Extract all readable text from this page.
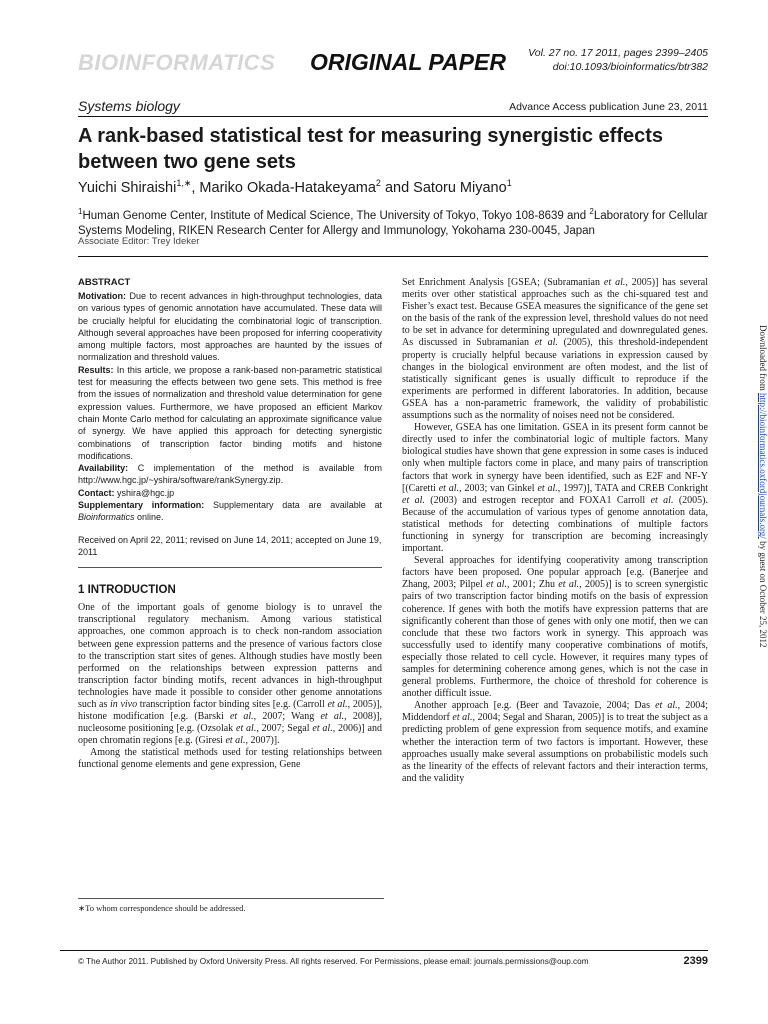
BIOINFORMATICS ORIGINAL PAPER Vol. 27 no. 17 2011, pages 2399–2405
doi:10.1093/bioinformatics/btr382
Systems biology	Advance Access publication June 23, 2011
A rank-based statistical test for measuring synergistic effects between two gene sets
Yuichi Shiraishi$^{1,∗}$, Mariko Okada-Hatakeyama$^2$ and Satoru Miyano$^1$
$^1$Human Genome Center, Institute of Medical Science, The University of Tokyo, Tokyo 108-8639 and $^2$Laboratory for Cellular Systems Modeling, RIKEN Research Center for Allergy and Immunology, Yokohama 230-0045, Japan
Associate Editor: Trey Ideker
ABSTRACT

Motivation: Due to recent advances in high-throughput technologies, data on various types of genomic annotation have accumulated. These data will be crucially helpful for elucidating the combinatorial logic of transcription. Although several approaches have been proposed for inferring cooperativity among multiple factors, most approaches are haunted by the issues of normalization and threshold values.

Results: In this article, we propose a rank-based non-parametric statistical test for measuring the effects between two gene sets. This method is free from the issues of normalization and threshold value determination for gene expression values. Furthermore, we have proposed an efficient Markov chain Monte Carlo method for calculating an approximate significance value of synergy. We have applied this approach for detecting synergistic combinations of transcription factor binding motifs and histone modifications.

Availability: C implementation of the method is available from http://www.hgc.jp/~yshira/software/rankSynergy.zip.

Contact: yshira@hgc.jp

Supplementary information: Supplementary data are available at Bioinformatics online.

Received on April 22, 2011; revised on June 14, 2011; accepted on June 19, 2011

1 INTRODUCTION

One of the important goals of genome biology is to unravel the transcriptional regulatory mechanism. Among various statistical approaches, one common approach is to check non-random association between gene expression patterns and the presence of various factors close to the transcription start sites of genes. Although studies have mostly been performed on the relationships between expression patterns and transcription factor binding motifs, recent advances in high-throughput technologies have made it possible to consider other genome annotations such as in vivo transcription factor binding sites [e.g. (Carroll et al., 2005)], histone modification [e.g. (Barski et al., 2007; Wang et al., 2008)], nucleosome positioning [e.g. (Ozsolak et al., 2007; Segal et al., 2006)] and open chromatin regions [e.g. (Giresi et al., 2007)].

Among the statistical methods used for testing relationships between functional genome elements and gene expression, Gene

Set Enrichment Analysis [GSEA; (Subramanian et al., 2005)] has several merits over other statistical approaches such as the chi-squared test and Fisher’s exact test. Because GSEA measures the significance of the gene set on the basis of the rank of the expression level, threshold values do not need to be set in advance for determining upregulated and downregulated genes. As discussed in Subramanian et al. (2005), this threshold-independent property is crucially helpful because variations in expression caused by changes in the biological environment are often modest, and the list of statistically significant genes is usually difficult to reproduce if the experiments are performed in different laboratories. In addition, because GSEA has a non-parametric framework, the validity of probabilistic assumptions such as the normality of noises need not be considered.

However, GSEA has one limitation. GSEA in its present form cannot be directly used to infer the combinatorial logic of multiple factors. Many biological studies have shown that gene expression in some cases is induced only when multiple factors come in place, and many pairs of transcription factors that work in synergy have been identified, such as E2F and NF-Y [(Caretti et al., 2003; van Ginkel et al., 1997)], TATA and CREB Conkright et al. (2003) and estrogen receptor and FOXA1 Carroll et al. (2005). Because of the accumulation of various types of genome annotation data, statistical methods for detecting combinations of multiple factors functioning in synergy for transcription are becoming increasingly important.

Several approaches for identifying cooperativity among transcription factors have been proposed. One popular approach [e.g. (Banerjee and Zhang, 2003; Pilpel et al., 2001; Zhu et al., 2005)] is to screen synergistic pairs of two transcription factor binding motifs on the basis of expression coherence. If genes with both the motifs have expression patterns that are significantly coherent than those of genes with only one motif, then we can conclude that these two factors work in synergy. This approach was successfully used to identify many cooperative combinations of motifs, especially those related to cell cycle. However, it requires many types of samples for determining coherence among genes, which is not the case in general problems. Furthermore, the choice of threshold for coherence is another difficult issue.

Another approach [e.g. (Beer and Tavazoie, 2004; Das et al., 2004; Middendorf et al., 2004; Segal and Sharan, 2005)] is to treat the subject as a predicting problem of gene expression from sequence motifs, and examine whether the interaction term of two factors is important. However, these approaches usually make several assumptions on probabilistic models such as the linearity of the effects of relevant factors and their interaction terms, and the validity

∗To whom correspondence should be addressed.
© The Author 2011. Published by Oxford University Press. All rights reserved. For Permissions, please email: journals.permissions@oup.com	2399
Downloaded from http://bioinformatics.oxfordjournals.org/ by guest on October 25, 2012
